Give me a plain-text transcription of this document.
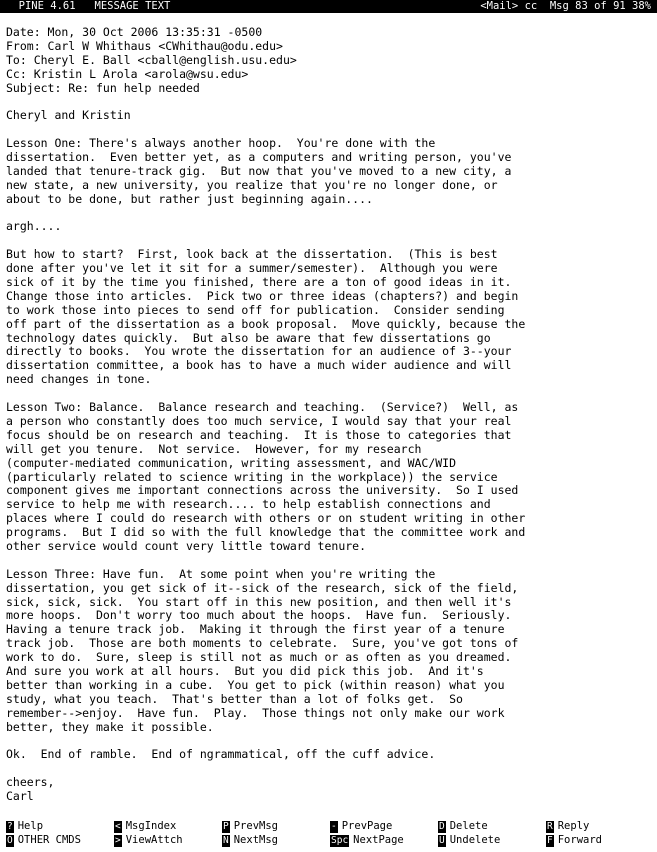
PINE 4.61   MESSAGE TEXT

	<Mail> cc  Msg 83 of 91 38%

Date: Mon, 30 Oct 2006 13:35:31 -0500
From: Carl W Whithaus <CWhithau@odu.edu>
To: Cheryl E. Ball <cball@english.usu.edu>
Cc: Kristin L Arola <arola@wsu.edu>
Subject: Re: fun help needed
Cheryl and Kristin
Lesson One: There's always another hoop.  You're done with the
dissertation.  Even better yet, as a computers and writing person, you've
landed that tenure-track gig.  But now that you've moved to a new city, a
new state, a new university, you realize that you're no longer done, or
about to be done, but rather just beginning again....
argh....
But how to start?  First, look back at the dissertation.  (This is best
done after you've let it sit for a summer/semester).  Although you were
sick of it by the time you finished, there are a ton of good ideas in it.
Change those into articles.  Pick two or three ideas (chapters?) and begin
to work those into pieces to send off for publication.  Consider sending
off part of the dissertation as a book proposal.  Move quickly, because the
technology dates quickly.  But also be aware that few dissertations go
directly to books.  You wrote the dissertation for an audience of 3--your
dissertation committee, a book has to have a much wider audience and will
need changes in tone.
Lesson Two: Balance.  Balance research and teaching.  (Service?)  Well, as
a person who constantly does too much service, I would say that your real
focus should be on research and teaching.  It is those to categories that
will get you tenure.  Not service.  However, for my research
(computer-mediated communication, writing assessment, and WAC/WID
(particularly related to science writing in the workplace)) the service
component gives me important connections across the university.  So I used
service to help me with research.... to help establish connections and
places where I could do research with others or on student writing in other
programs.  But I did so with the full knowledge that the committee work and
other service would count very little toward tenure.
Lesson Three: Have fun.  At some point when you're writing the
dissertation, you get sick of it--sick of the research, sick of the field,
sick, sick, sick.  You start off in this new position, and then well it's
more hoops.  Don't worry too much about the hoops.  Have fun.  Seriously.
Having a tenure track job.  Making it through the first year of a tenure
track job.  Those are both moments to celebrate.  Sure, you've got tons of
work to do.  Sure, sleep is still not as much or as often as you dreamed.
And sure you work at all hours.  But you did pick this job.  And it's
better than working in a cube.  You get to pick (within reason) what you
study, what you teach.  That's better than a lot of folks get.  So
remember-->enjoy.  Have fun.  Play.  Those things not only make our work
better, they make it possible.
Ok.  End of ramble.  End of ngrammatical, off the cuff advice.
cheers,
Carl
? Help	< MsgIndex	P PrevMsg	- PrevPage	D Delete	R Reply
O OTHER CMDS	> ViewAttch	N NextMsg	Spc NextPage	U Undelete	F Forward
